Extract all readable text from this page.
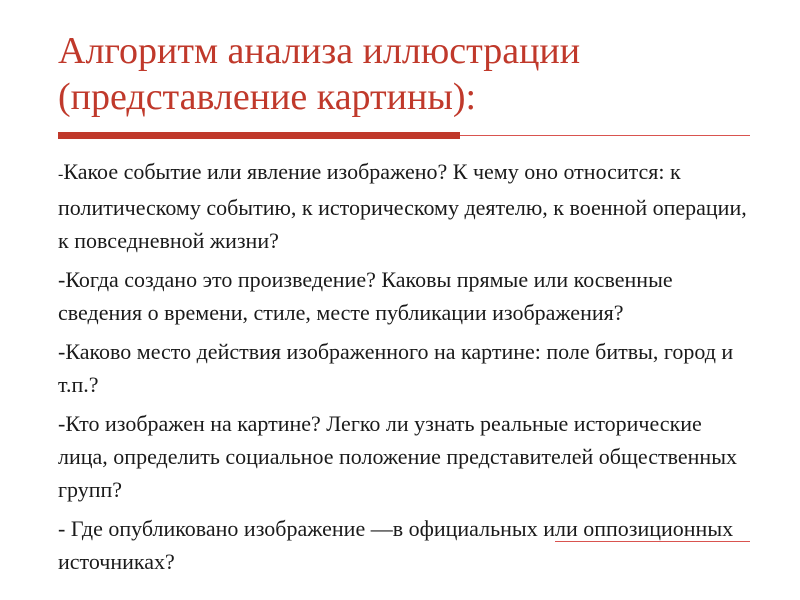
Алгоритм анализа иллюстрации
(представление картины):

-Какое событие или явление изображено? К чему оно относится: к политическому событию, к историческому деятелю, к военной операции, к повседневной жизни?

-Когда создано это произведение? Каковы прямые или косвенные сведения о времени, стиле, месте публикации изображения?

-Каково место действия изображенного на картине: поле битвы, город и т.п.?

-Кто изображен на картине? Легко ли узнать реальные исторические лица, определить социальное положение представителей общественных групп?

- Где опубликовано изображение —в официальных или оппозиционных источниках?
